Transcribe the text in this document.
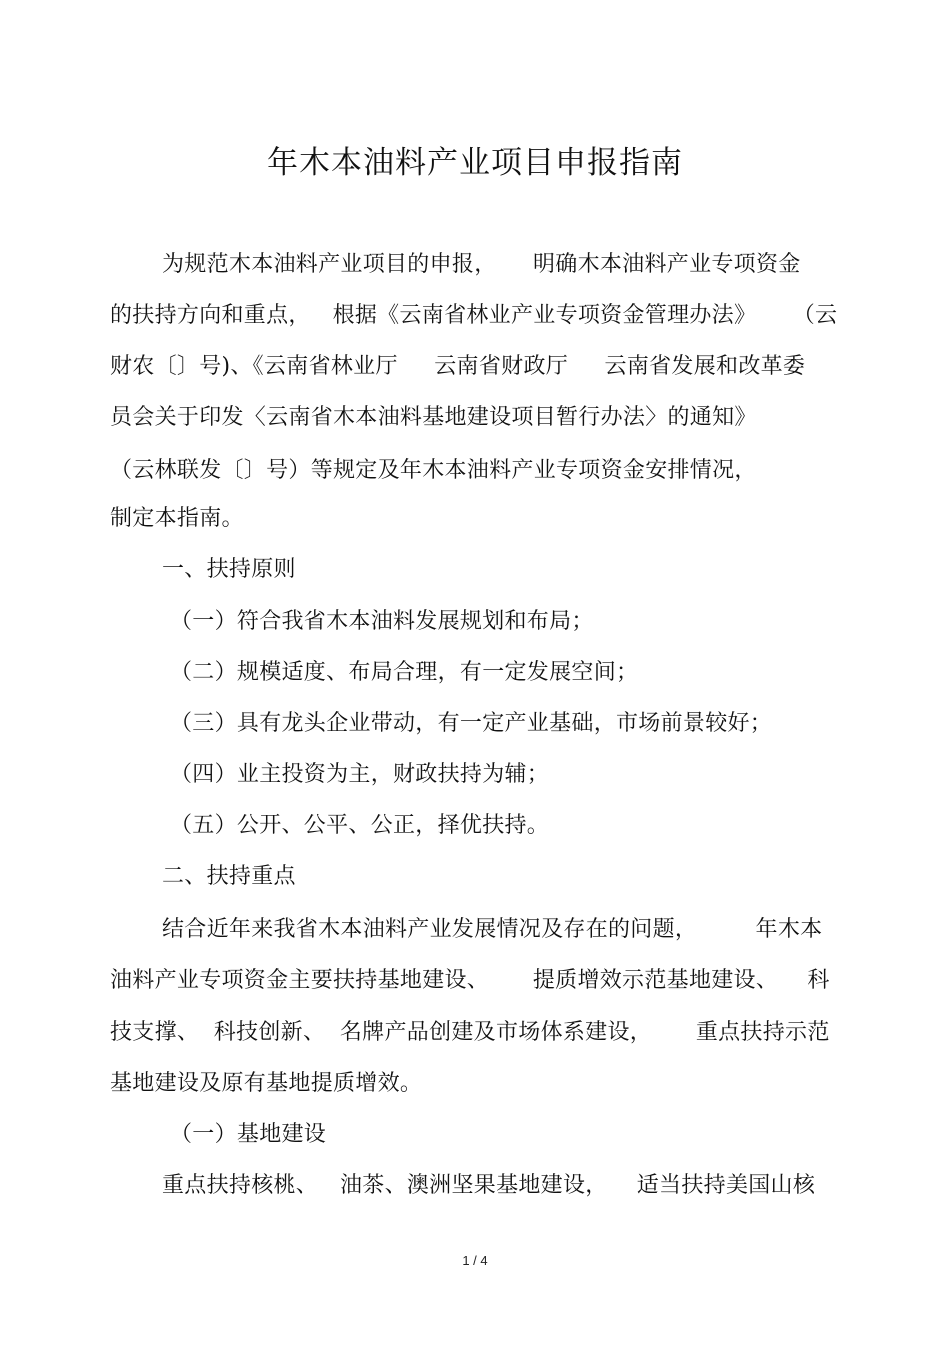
年木本油料产业项目申报指南
为规范木本油料产业项目的申报，     明确木本油料产业专项资金
的扶持方向和重点，   根据《云南省林业产业专项资金管理办法》     （云
财农〔〕号)、《云南省林业厅     云南省财政厅     云南省发展和改革委
员会关于印发〈云南省木本油料基地建设项目暂行办法〉的通知》
（云林联发〔〕号）等规定及年木本油料产业专项资金安排情况，
制定本指南。
一、扶持原则
（一）符合我省木本油料发展规划和布局；
（二）规模适度、布局合理，有一定发展空间；
（三）具有龙头企业带动，有一定产业基础，市场前景较好；
（四）业主投资为主，财政扶持为辅；
（五）公开、公平、公正，择优扶持。
二、扶持重点
结合近年来我省木本油料产业发展情况及存在的问题，        年木本
油料产业专项资金主要扶持基地建设、      提质增效示范基地建设、    科
技支撑、  科技创新、  名牌产品创建及市场体系建设，      重点扶持示范
基地建设及原有基地提质增效。
（一）基地建设
重点扶持核桃、   油茶、澳洲坚果基地建设，    适当扶持美国山核
1 / 4
